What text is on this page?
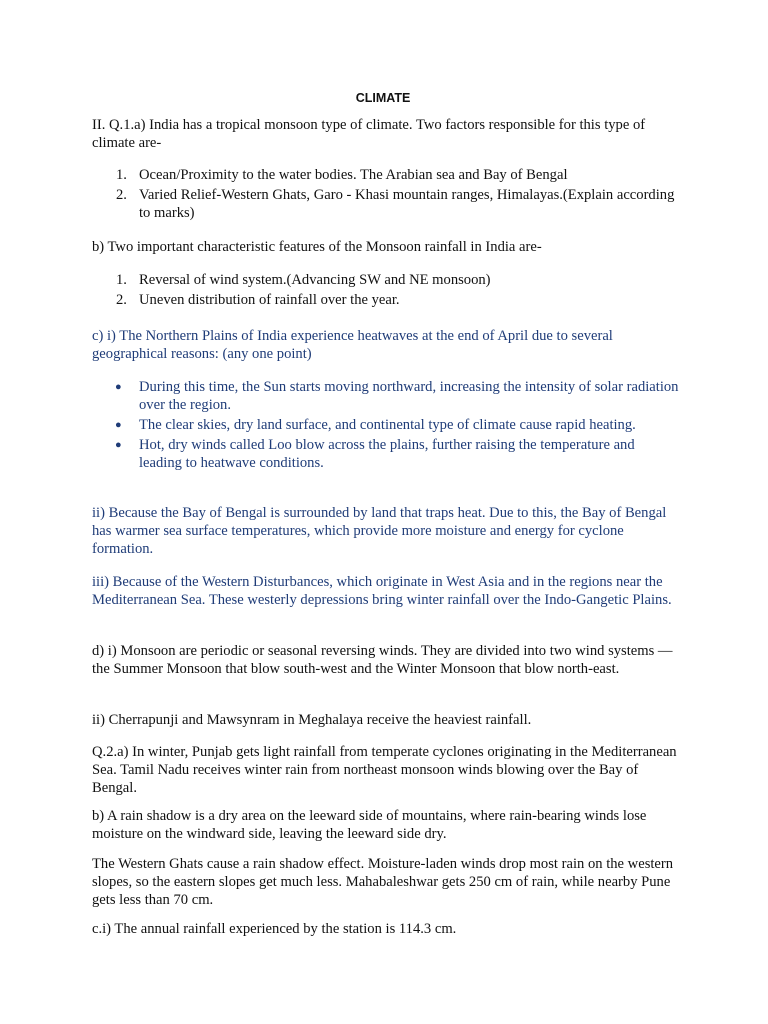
CLIMATE

II. Q.1.a) India has a tropical monsoon type of climate. Two factors responsible for this type of climate are-

1. Ocean/Proximity to the water bodies. The Arabian sea and Bay of Bengal
2. Varied Relief-Western Ghats, Garo - Khasi mountain ranges, Himalayas.(Explain according to marks)

b) Two important characteristic features of the Monsoon rainfall in India are-

1. Reversal of wind system.(Advancing SW and NE monsoon)
2. Uneven distribution of rainfall over the year.

c) i) The Northern Plains of India experience heatwaves at the end of April due to several geographical reasons: (any one point)

● During this time, the Sun starts moving northward, increasing the intensity of solar radiation over the region.
● The clear skies, dry land surface, and continental type of climate cause rapid heating.
● Hot, dry winds called Loo blow across the plains, further raising the temperature and leading to heatwave conditions.

ii) Because the Bay of Bengal is surrounded by land that traps heat. Due to this, the Bay of Bengal has warmer sea surface temperatures, which provide more moisture and energy for cyclone formation.

iii) Because of the Western Disturbances, which originate in West Asia and in the regions near the Mediterranean Sea. These westerly depressions bring winter rainfall over the Indo-Gangetic Plains.

d) i) Monsoon are periodic or seasonal reversing winds. They are divided into two wind systems — the Summer Monsoon that blow south-west and the Winter Monsoon that blow north-east.

ii) Cherrapunji and Mawsynram in Meghalaya receive the heaviest rainfall.

Q.2.a) In winter, Punjab gets light rainfall from temperate cyclones originating in the Mediterranean Sea. Tamil Nadu receives winter rain from northeast monsoon winds blowing over the Bay of Bengal.

b) A rain shadow is a dry area on the leeward side of mountains, where rain-bearing winds lose moisture on the windward side, leaving the leeward side dry.

The Western Ghats cause a rain shadow effect. Moisture-laden winds drop most rain on the western slopes, so the eastern slopes get much less. Mahabaleshwar gets 250 cm of rain, while nearby Pune gets less than 70 cm.

c.i) The annual rainfall experienced by the station is 114.3 cm.
